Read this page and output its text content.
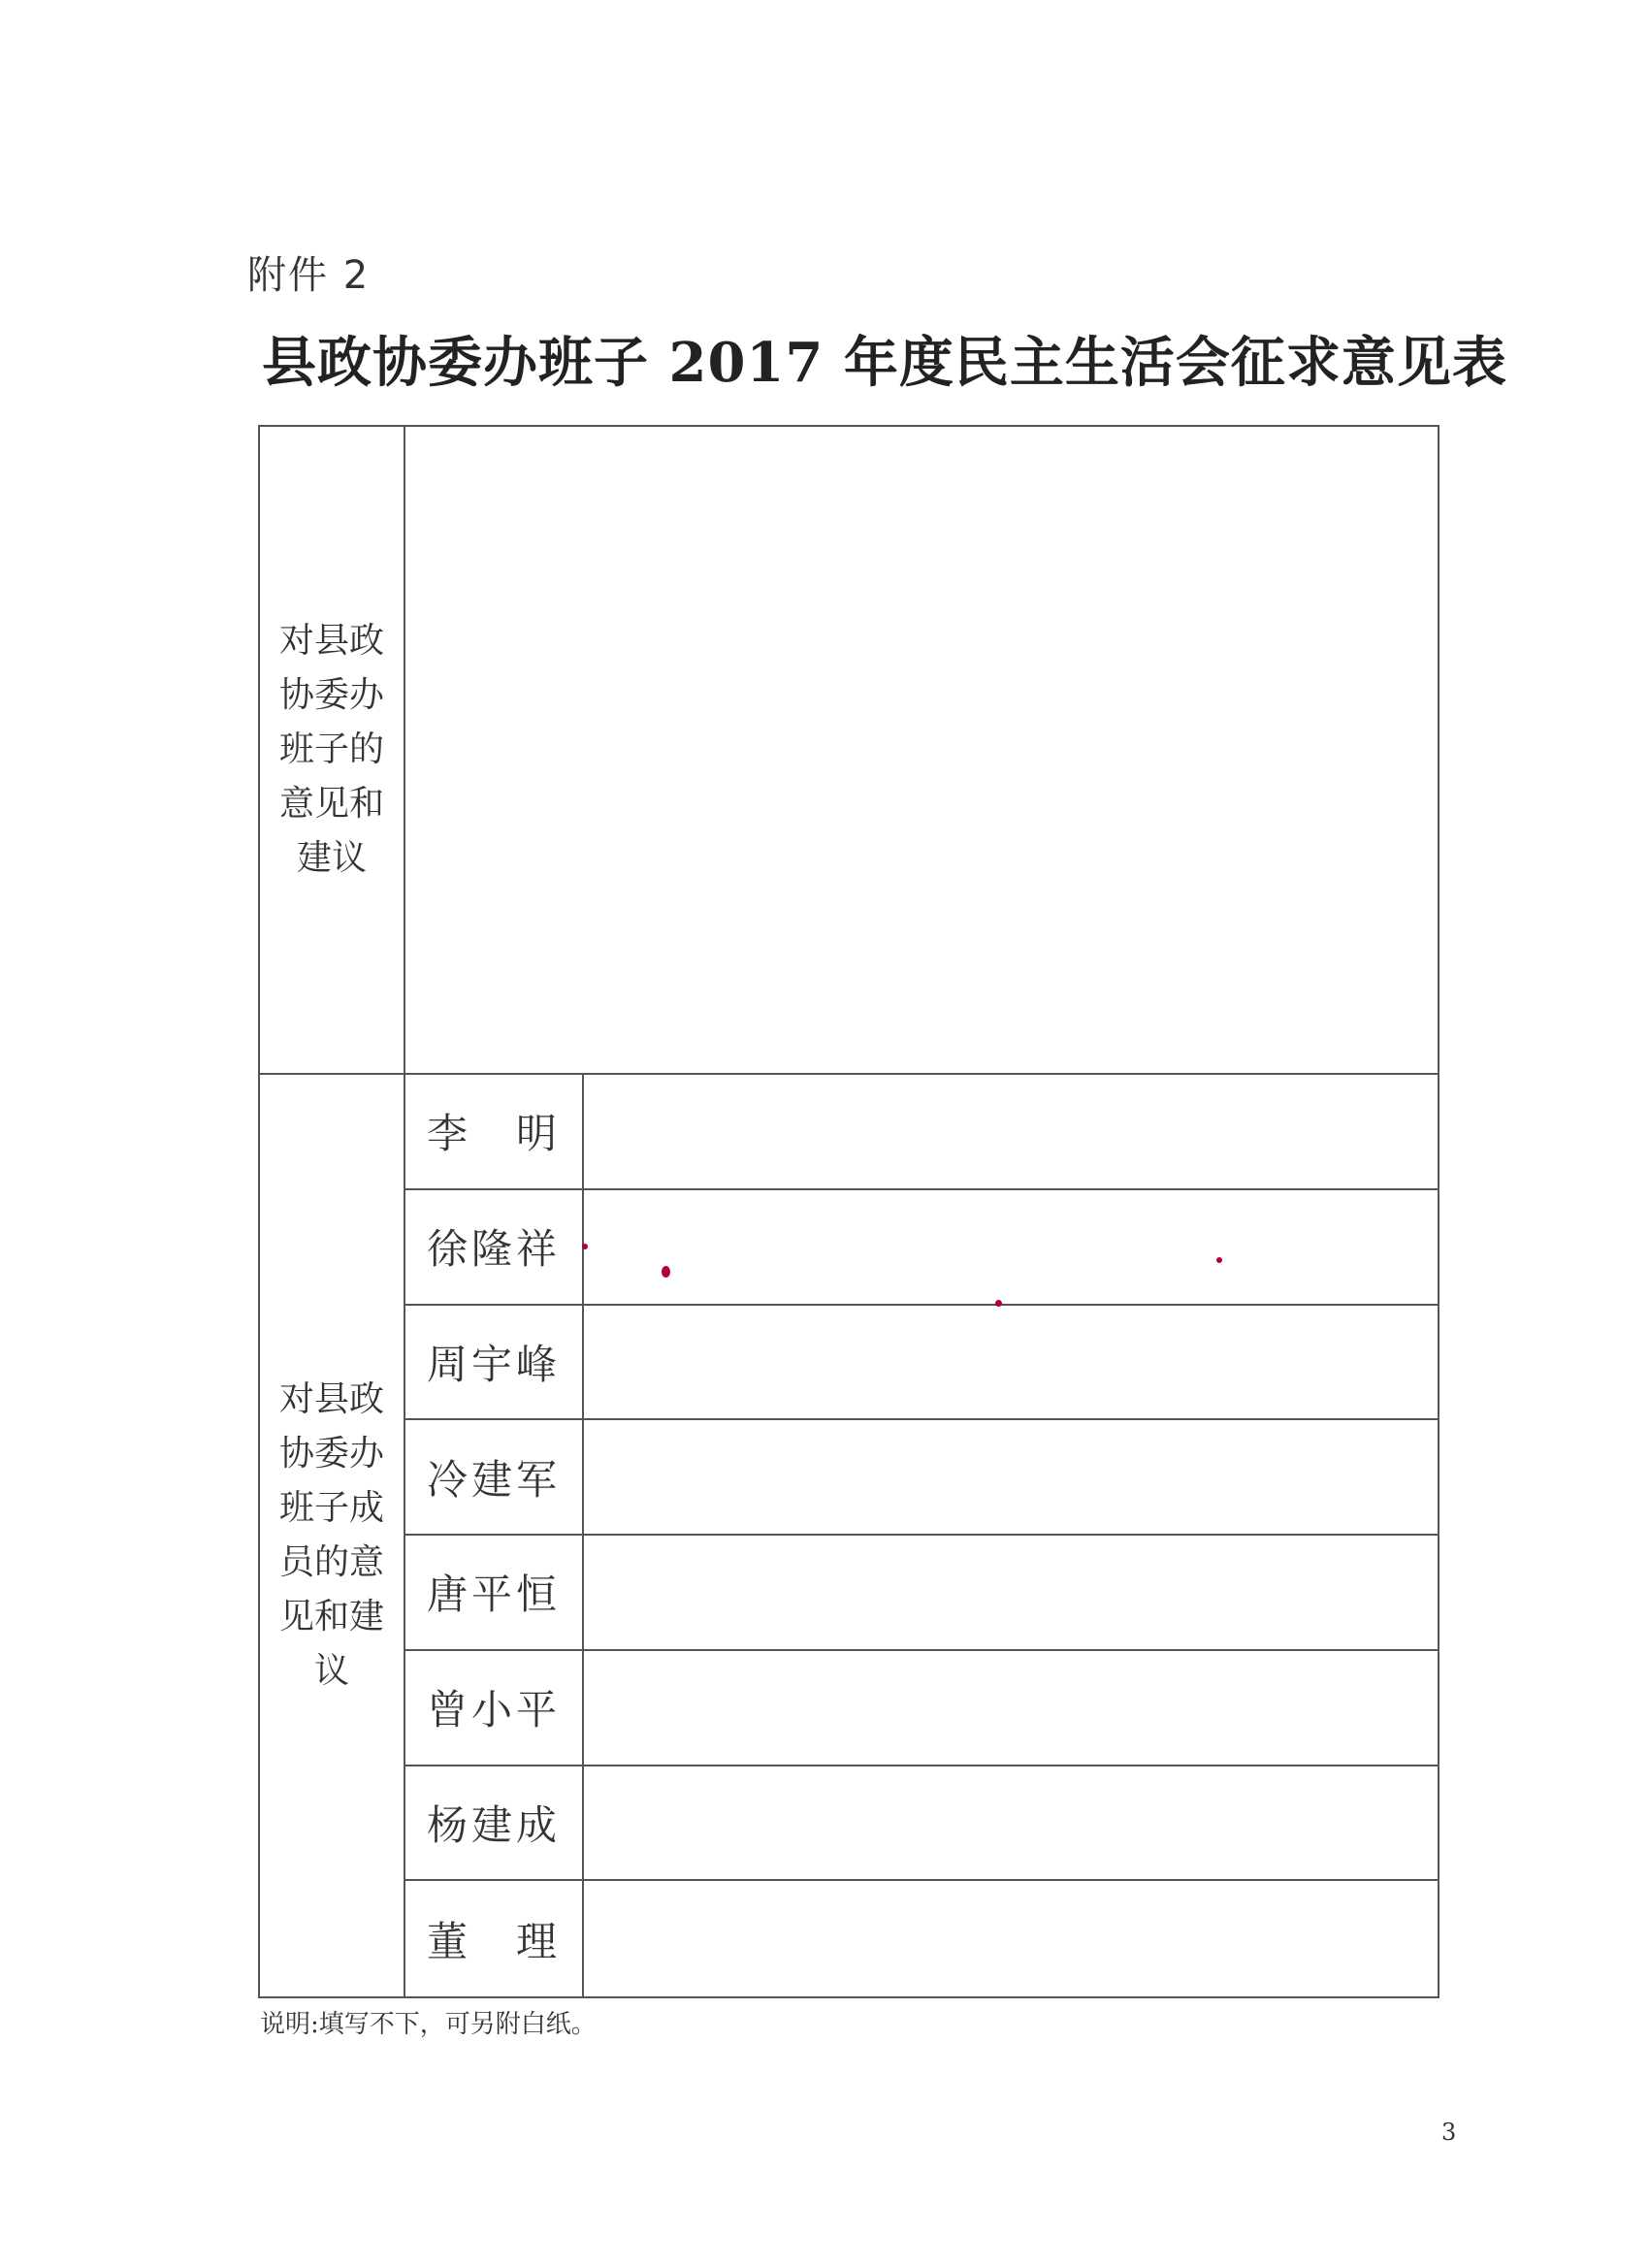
附件 2
县政协委办班子 2017 年度民主生活会征求意见表
对县政协委办班子的意见和建议
对县政协委办班子成员的意见和建议
李　明
徐隆祥
周宇峰
冷建军
唐平恒
曾小平
杨建成
董　理
说明:填写不下，可另附白纸。
3
